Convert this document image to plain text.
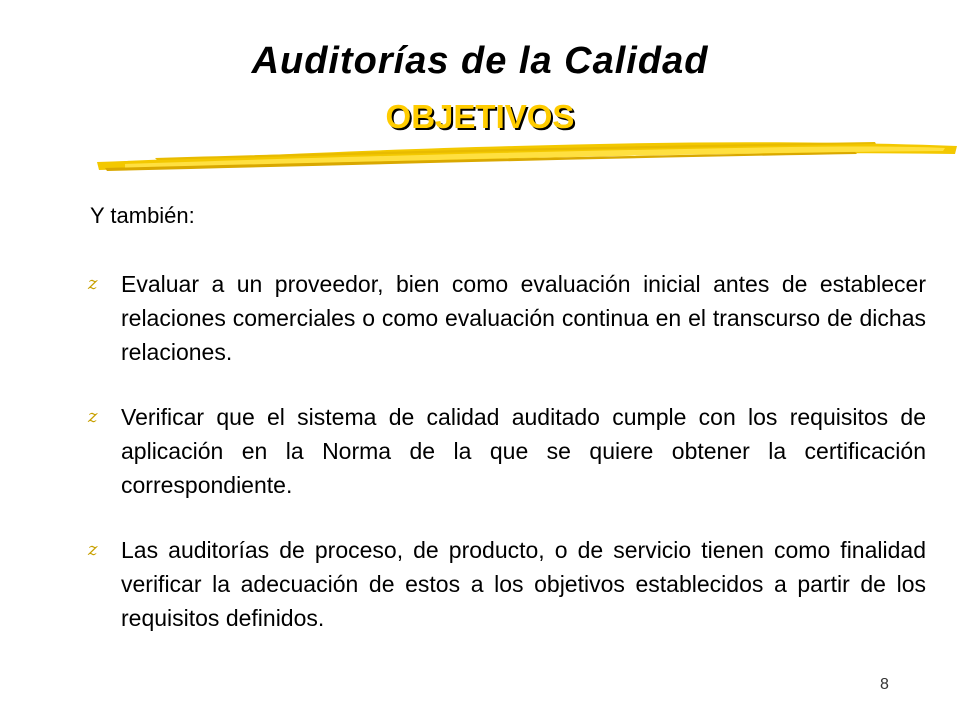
Auditorías de la Calidad
OBJETIVOS
Y también:
z Evaluar a un proveedor, bien como evaluación inicial antes de establecer relaciones comerciales o como evaluación continua en el transcurso de dichas relaciones.
z Verificar que el sistema de calidad auditado cumple con los requisitos de aplicación en la Norma de la que se quiere obtener la certificación correspondiente.
z Las auditorías de proceso, de producto, o de servicio tienen como finalidad verificar la adecuación de estos a los objetivos establecidos a partir de los requisitos definidos.
8
